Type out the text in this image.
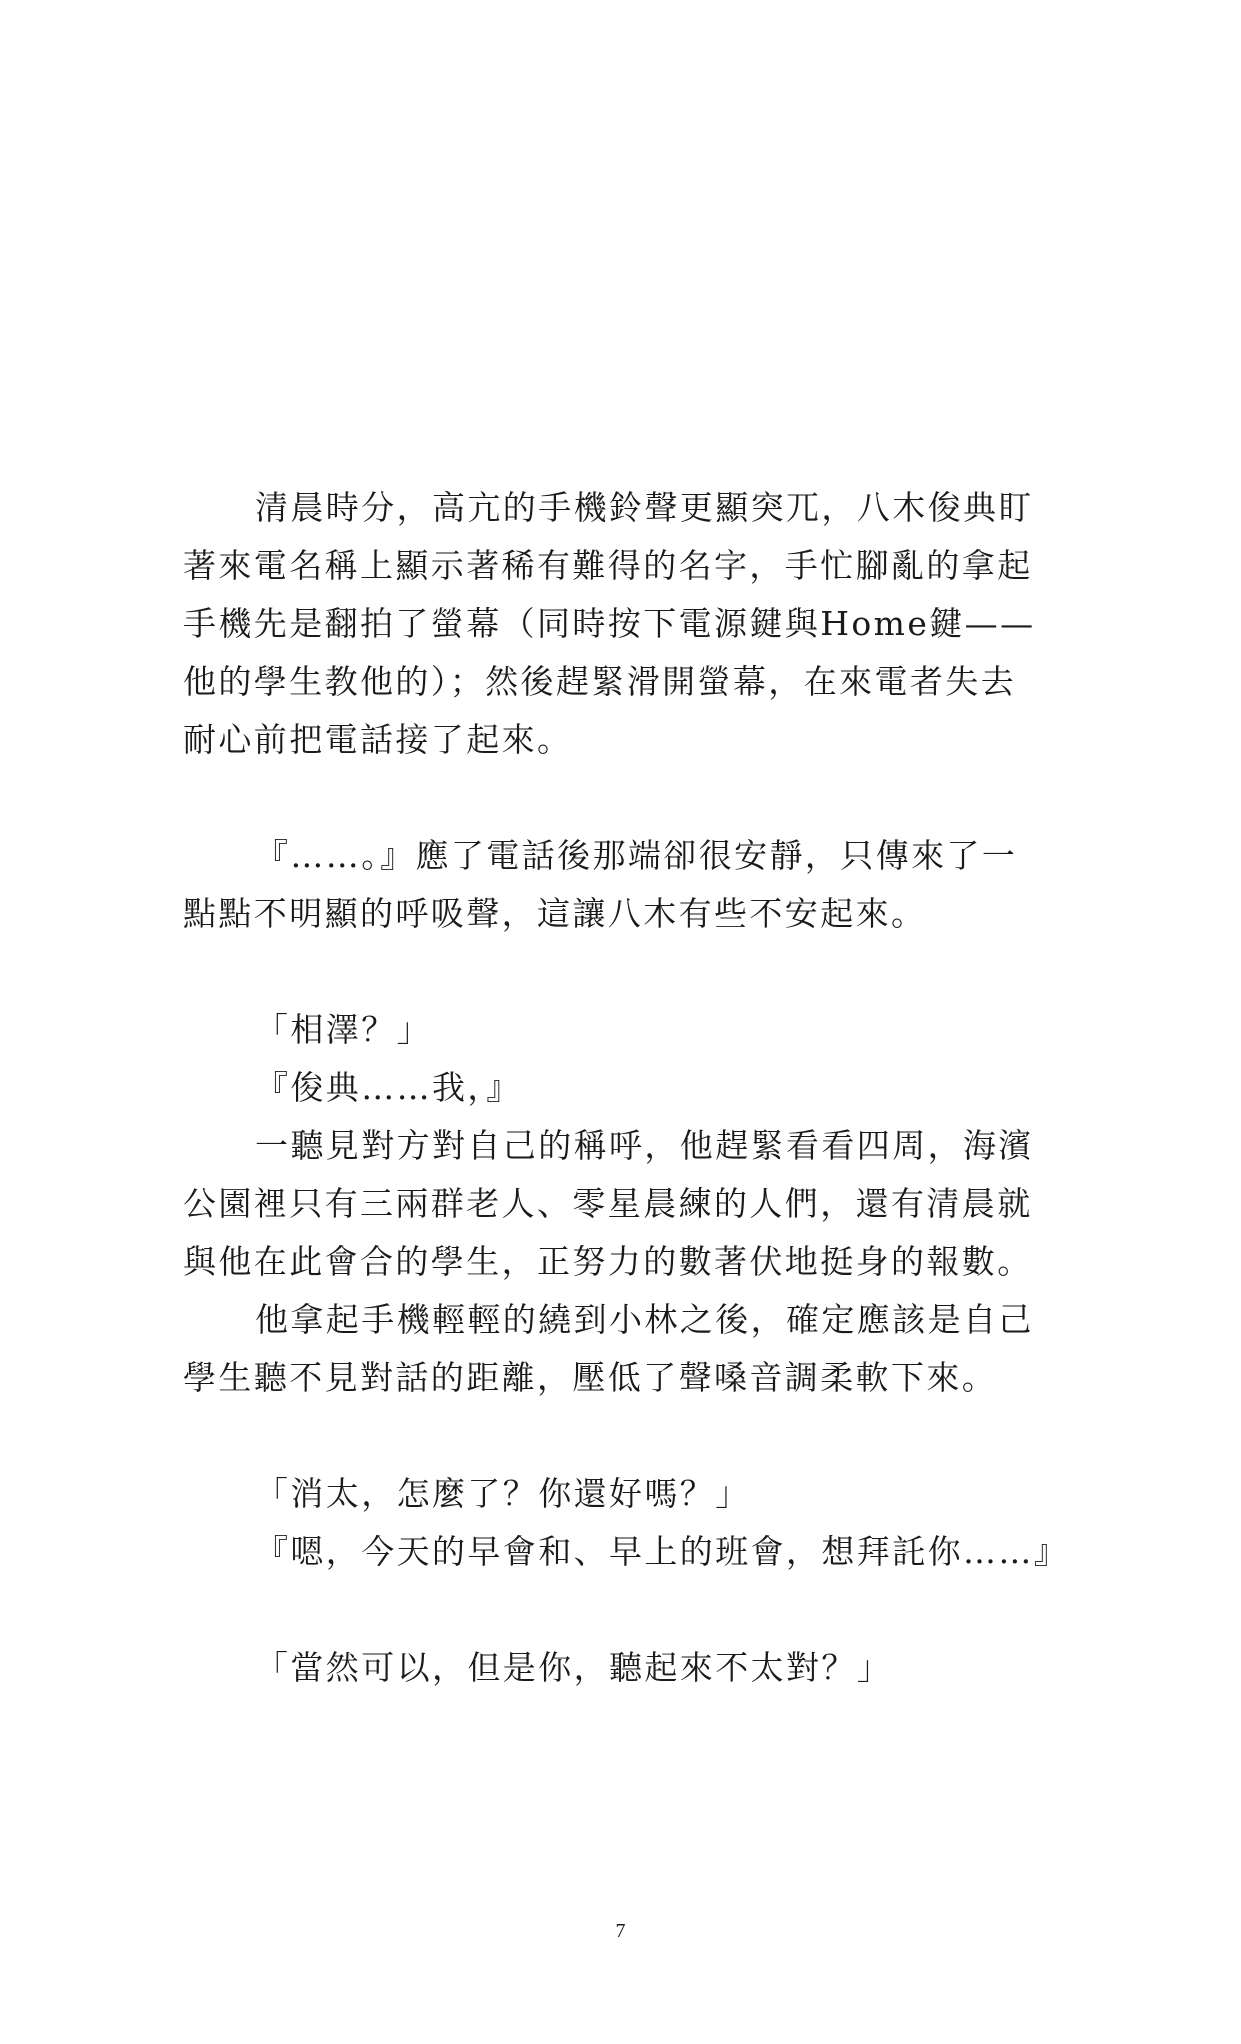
清晨時分，高亢的手機鈴聲更顯突兀，八木俊典盯
著來電名稱上顯示著稀有難得的名字，手忙腳亂的拿起
手機先是翻拍了螢幕（同時按下電源鍵與Home鍵——
他的學生教他的）；然後趕緊滑開螢幕，在來電者失去
耐心前把電話接了起來。
『……。』應了電話後那端卻很安靜，只傳來了一
點點不明顯的呼吸聲，這讓八木有些不安起來。
「相澤？」
『俊典……我，』
一聽見對方對自己的稱呼，他趕緊看看四周，海濱
公園裡只有三兩群老人、零星晨練的人們，還有清晨就
與他在此會合的學生，正努力的數著伏地挺身的報數。
他拿起手機輕輕的繞到小林之後，確定應該是自己
學生聽不見對話的距離，壓低了聲嗓音調柔軟下來。
「消太，怎麼了？你還好嗎？」
『嗯，今天的早會和、早上的班會，想拜託你……』
「當然可以，但是你，聽起來不太對？」
7
